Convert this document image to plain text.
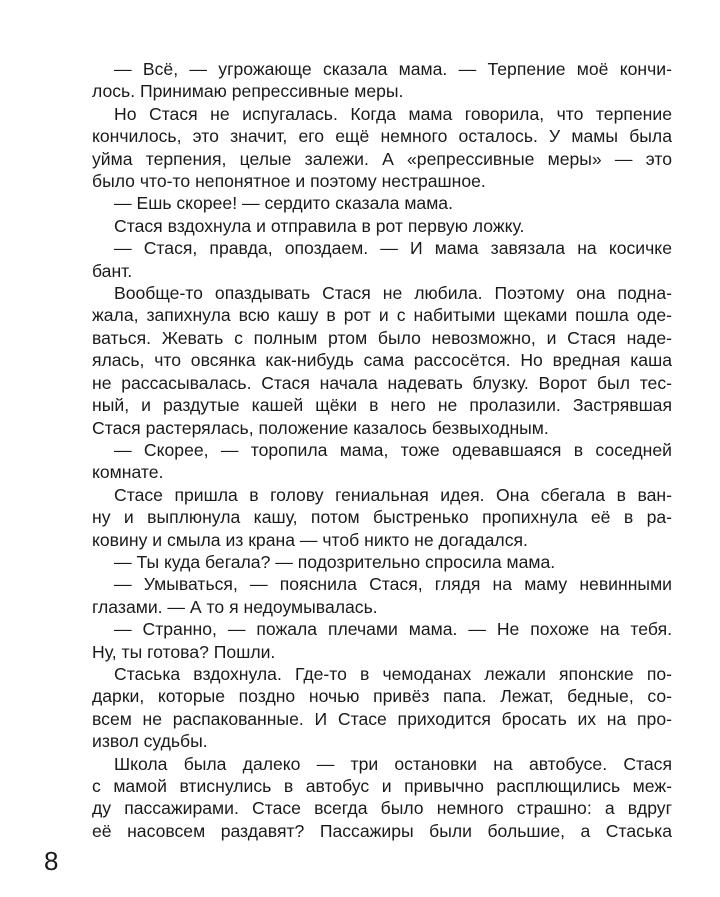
— Всё, — угрожающе сказала мама. — Терпение моё кончи-
лось. Принимаю репрессивные меры.
Но Стася не испугалась. Когда мама говорила, что терпение
кончилось, это значит, его ещё немного осталось. У мамы была
уйма терпения, целые залежи. А «репрессивные меры» — это
было что-то непонятное и поэтому нестрашное.
— Ешь скорее! — сердито сказала мама.
Стася вздохнула и отправила в рот первую ложку.
— Стася, правда, опоздаем. — И мама завязала на косичке
бант.
Вообще-то опаздывать Стася не любила. Поэтому она подна-
жала, запихнула всю кашу в рот и с набитыми щеками пошла оде-
ваться. Жевать с полным ртом было невозможно, и Стася наде-
ялась, что овсянка как-нибудь сама рассосётся. Но вредная каша
не рассасывалась. Стася начала надевать блузку. Ворот был тес-
ный, и раздутые кашей щёки в него не пролазили. Застрявшая
Стася растерялась, положение казалось безвыходным.
— Скорее, — торопила мама, тоже одевавшаяся в соседней
комнате.
Стасе пришла в голову гениальная идея. Она сбегала в ван-
ну и выплюнула кашу, потом быстренько пропихнула её в ра-
ковину и смыла из крана — чтоб никто не догадался.
— Ты куда бегала? — подозрительно спросила мама.
— Умываться, — пояснила Стася, глядя на маму невинными
глазами. — А то я недоумывалась.
— Странно, — пожала плечами мама. — Не похоже на тебя.
Ну, ты готова? Пошли.
Стаська вздохнула. Где-то в чемоданах лежали японские по-
дарки, которые поздно ночью привёз папа. Лежат, бедные, со-
всем не распакованные. И Стасе приходится бросать их на про-
извол судьбы.
Школа была далеко — три остановки на автобусе. Стася
с мамой втиснулись в автобус и привычно расплющились меж-
ду пассажирами. Стасе всегда было немного страшно: а вдруг
её насовсем раздавят? Пассажиры были большие, а Стаська
8
